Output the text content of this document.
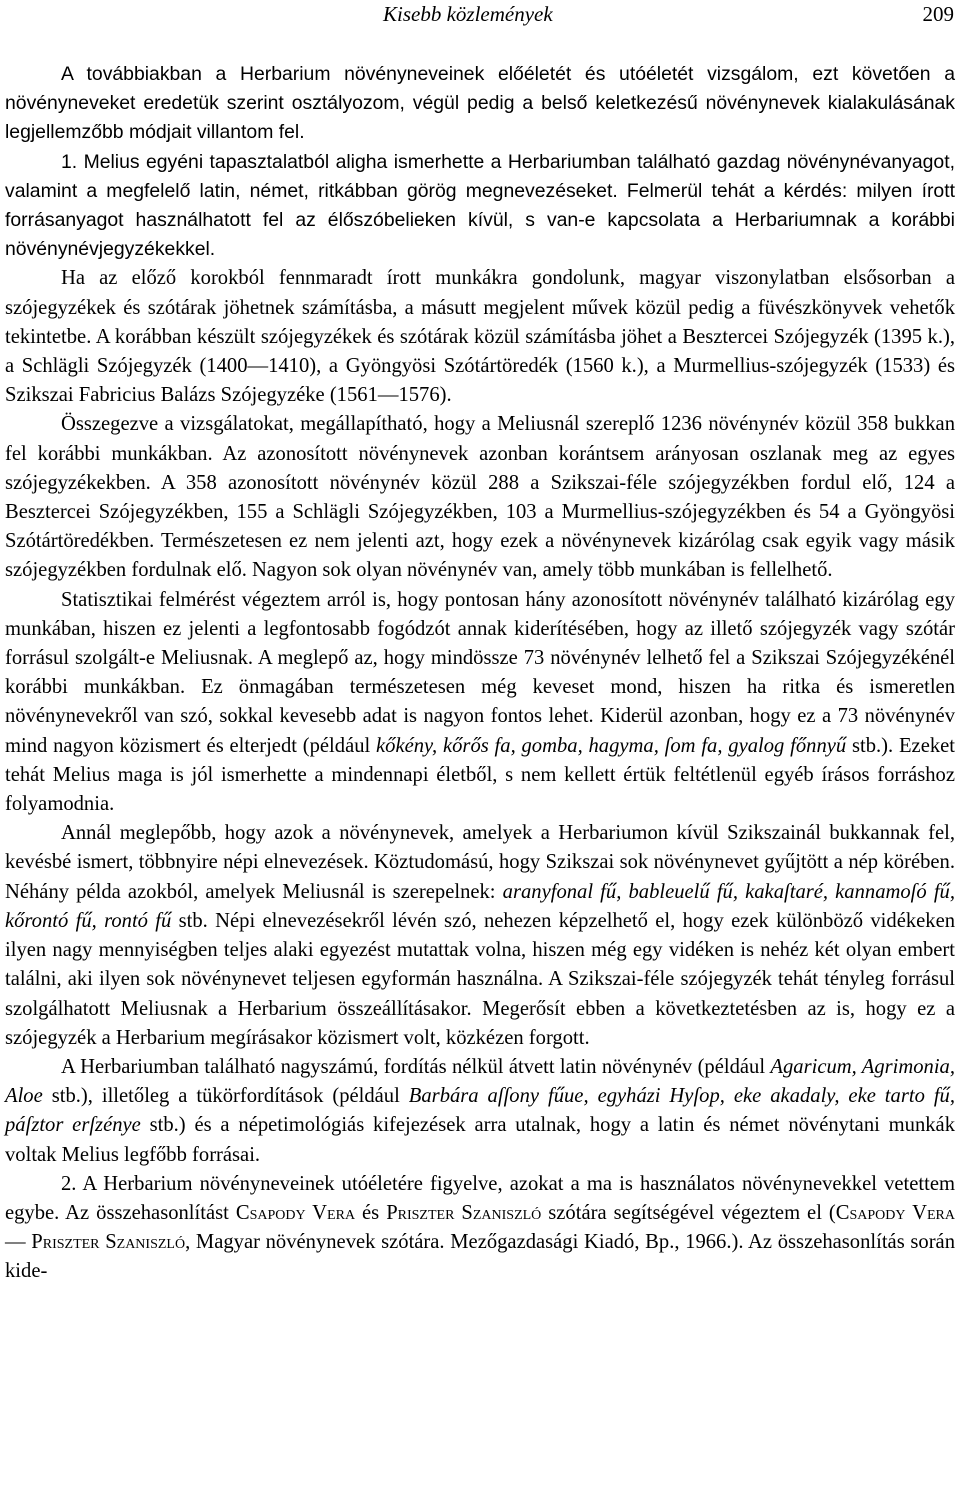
Kisebb közlemények	209

A továbbiakban a Herbarium növényneveinek előéletét és utóéletét vizsgálom, ezt követően a növényneveket eredetük szerint osztályozom, végül pedig a belső keletkezésű növénynevek kialakulásának legjellemzőbb módjait villantom fel.

1. Melius egyéni tapasztalatból aligha ismerhette a Herbariumban található gazdag növénynévanyagot, valamint a megfelelő latin, német, ritkábban görög megnevezéseket. Felmerül tehát a kérdés: milyen írott forrásanyagot használhatott fel az élőszóbelieken kívül, s van-e kapcsolata a Herbariumnak a korábbi növénynévjegyzékekkel.

Ha az előző korokból fennmaradt írott munkákra gondolunk, magyar viszonylatban elsősorban a szójegyzékek és szótárak jöhetnek számításba, a másutt megjelent művek közül pedig a füvészkönyvek vehetők tekintetbe. A korábban készült szójegyzékek és szótárak közül számításba jöhet a Besztercei Szójegyzék (1395 k.), a Schlägli Szójegyzék (1400—1410), a Gyöngyösi Szótártöredék (1560 k.), a Murmellius-szójegyzék (1533) és Szikszai Fabricius Balázs Szójegyzéke (1561—1576).

Összegezve a vizsgálatokat, megállapítható, hogy a Meliusnál szereplő 1236 növénynév közül 358 bukkan fel korábbi munkákban. Az azonosított növénynevek azonban korántsem arányosan oszlanak meg az egyes szójegyzékekben. A 358 azonosított növénynév közül 288 a Szikszai-féle szójegyzékben fordul elő, 124 a Besztercei Szójegyzékben, 155 a Schlägli Szójegyzékben, 103 a Murmellius-szójegyzékben és 54 a Gyöngyösi Szótártöredékben. Természetesen ez nem jelenti azt, hogy ezek a növénynevek kizárólag csak egyik vagy másik szójegyzékben fordulnak elő. Nagyon sok olyan növénynév van, amely több munkában is fellelhető.

Statisztikai felmérést végeztem arról is, hogy pontosan hány azonosított növénynév található kizárólag egy munkában, hiszen ez jelenti a legfontosabb fogódzót annak kiderítésében, hogy az illető szójegyzék vagy szótár forrásul szolgált-e Meliusnak. A meglepő az, hogy mindössze 73 növénynév lelhető fel a Szikszai Szójegyzékénél korábbi munkákban. Ez önmagában természetesen még keveset mond, hiszen ha ritka és ismeretlen növénynevekről van szó, sokkal kevesebb adat is nagyon fontos lehet. Kiderül azonban, hogy ez a 73 növénynév mind nagyon közismert és elterjedt (például kőkény, kőrős fa, gomba, hagyma, ſom fa, gyalog főnnyű stb.). Ezeket tehát Melius maga is jól ismerhette a mindennapi életből, s nem kellett értük feltétlenül egyéb írásos forráshoz folyamodnia.

Annál meglepőbb, hogy azok a növénynevek, amelyek a Herbariumon kívül Szikszainál bukkannak fel, kevésbé ismert, többnyire népi elnevezések. Köztudomású, hogy Szikszai sok növénynevet gyűjtött a nép körében. Néhány példa azokból, amelyek Meliusnál is szerepelnek: aranyfonal fű, bableuelű fű, kakaſtaré, kannamoſó fű, kőrontó fű, rontó fű stb. Népi elnevezésekről lévén szó, nehezen képzelhető el, hogy ezek különböző vidékeken ilyen nagy mennyiségben teljes alaki egyezést mutattak volna, hiszen még egy vidéken is nehéz két olyan embert találni, aki ilyen sok növénynevet teljesen egyformán használna. A Szikszai-féle szójegyzék tehát tényleg forrásul szolgálhatott Meliusnak a Herbarium összeállításakor. Megerősít ebben a következtetésben az is, hogy ez a szójegyzék a Herbarium megírásakor közismert volt, közkézen forgott.

A Herbariumban található nagyszámú, fordítás nélkül átvett latin növénynév (például Agaricum, Agrimonia, Aloe stb.), illetőleg a tükörfordítások (például Barbára aſſony fűue, egyházi Hyſop, eke akadaly, eke tarto fű, páſztor erſzénye stb.) és a népetimológiás kifejezések arra utalnak, hogy a latin és német növénytani munkák voltak Melius legfőbb forrásai.

2. A Herbarium növényneveinek utóéletére figyelve, azokat a ma is használatos növénynevekkel vetettem egybe. Az összehasonlítást Csapody Vera és Priszter Szaniszló szótára segítségével végeztem el (Csapody Vera — Priszter Szaniszló, Magyar növénynevek szótára. Mezőgazdasági Kiadó, Bp., 1966.). Az összehasonlítás során kide-
